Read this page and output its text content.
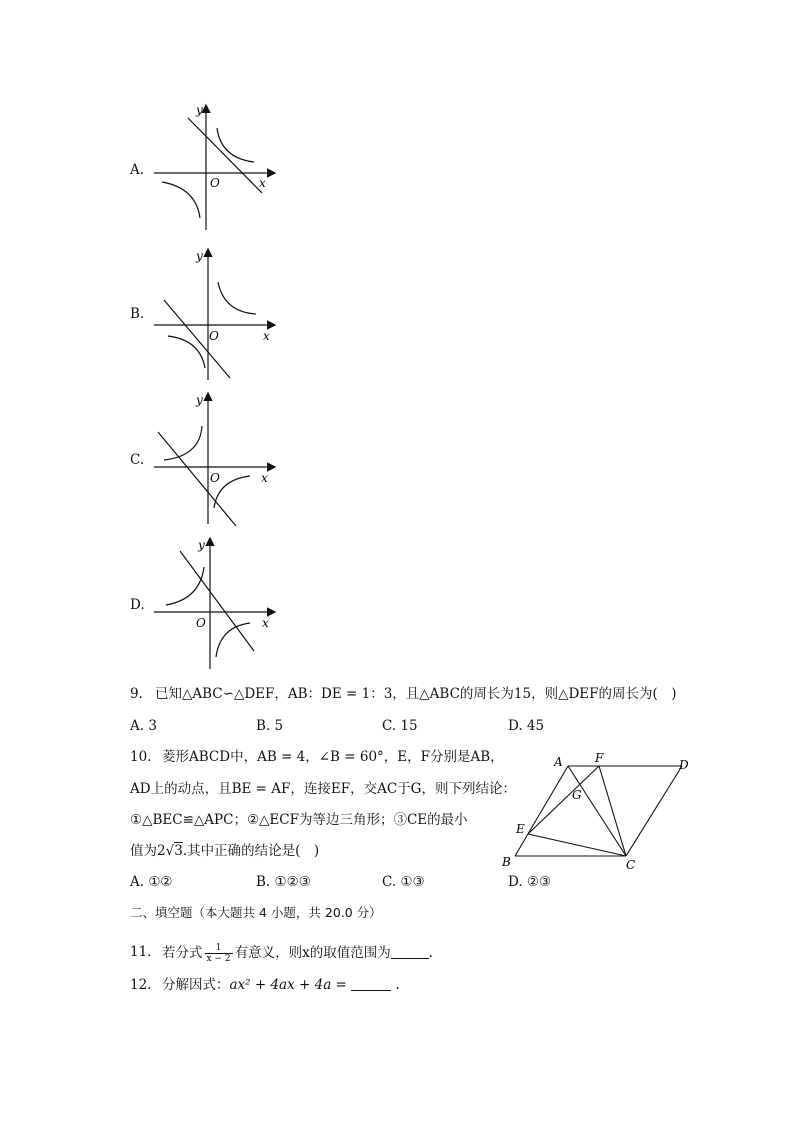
A.
y
x
O
B.
y
x
O
C.
y
x
O
D.
y
x
O
9. 已知△ABC∽△DEF，AB：DE = 1：3，且△ABC的周长为15，则△DEF的周长为(　)
A. 3	B. 5	C. 15	D. 45
10. 菱形ABCD中，AB = 4，∠B = 60°，E，F分别是AB，
AD上的动点，且BE = AF，连接EF，交AC于G，则下列结论：
①△BEC≌△APC；②△ECF为等边三角形；③CE的最小
值为2√3.其中正确的结论是(　)
A. ①②	B. ①②③	C. ①③	D. ②③
A	F	D
G
E
B	C
二、填空题（本大题共 4 小题，共 20.0 分）
11. 若分式 $\frac{1}{x - 2}$ 有意义，则x的取值范围为	.
12. 分解因式：ax² + 4ax + 4a =	.
